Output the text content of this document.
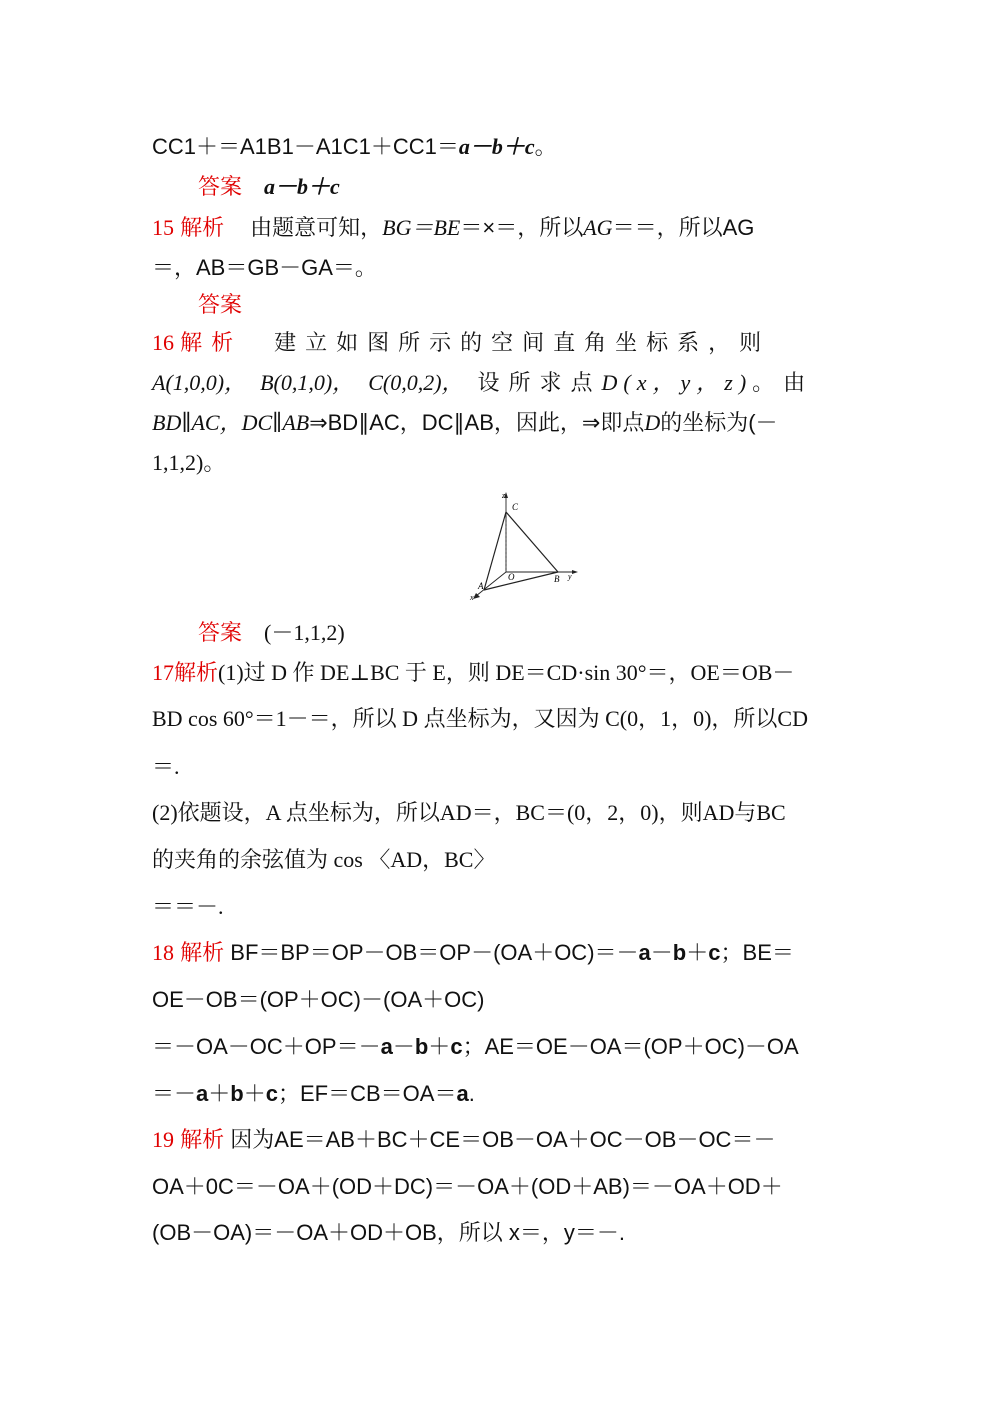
CC1＋＝A1B1－A1C1＋CC1＝a－b＋c。
答案 a－b＋c
15 解析 由题意可知，BG＝BE＝×＝，所以AG＝＝，所以AG
＝，AB＝GB－GA＝。
答案
16 解析 建立如图所示的空间直角坐标系，则
A(1,0,0)， B(0,1,0)， C(0,0,2)， 设所求点D(x，y，z)。由
BD∥AC，DC∥AB⇒BD∥AC，DC∥AB，因此，⇒即点D的坐标为(－
1,1,2)。
z
C
O	B y
A
x
答案 (－1,1,2)
17解析(1)过 D 作 DE⊥BC 于 E，则 DE＝CD·sin 30°＝，OE＝OB－
BD cos 60°＝1－＝，所以 D 点坐标为，又因为 C(0，1，0)，所以CD
＝.
(2)依题设，A 点坐标为，所以AD＝，BC＝(0，2，0)，则AD与BC
的夹角的余弦值为 cos 〈AD，BC〉
＝＝－.
18 解析 BF＝BP＝OP－OB＝OP－(OA＋OC)＝－a－b＋c；BE＝
OE－OB＝(OP＋OC)－(OA＋OC)
＝－OA－OC＋OP＝－a－b＋c；AE＝OE－OA＝(OP＋OC)－OA
＝－a＋b＋c；EF＝CB＝OA＝a.
19 解析 因为AE＝AB＋BC＋CE＝OB－OA＋OC－OB－OC＝－
OA＋0C＝－OA＋(OD＋DC)＝－OA＋(OD＋AB)＝－OA＋OD＋
(OB－OA)＝－OA＋OD＋OB，所以 x＝，y＝－.
